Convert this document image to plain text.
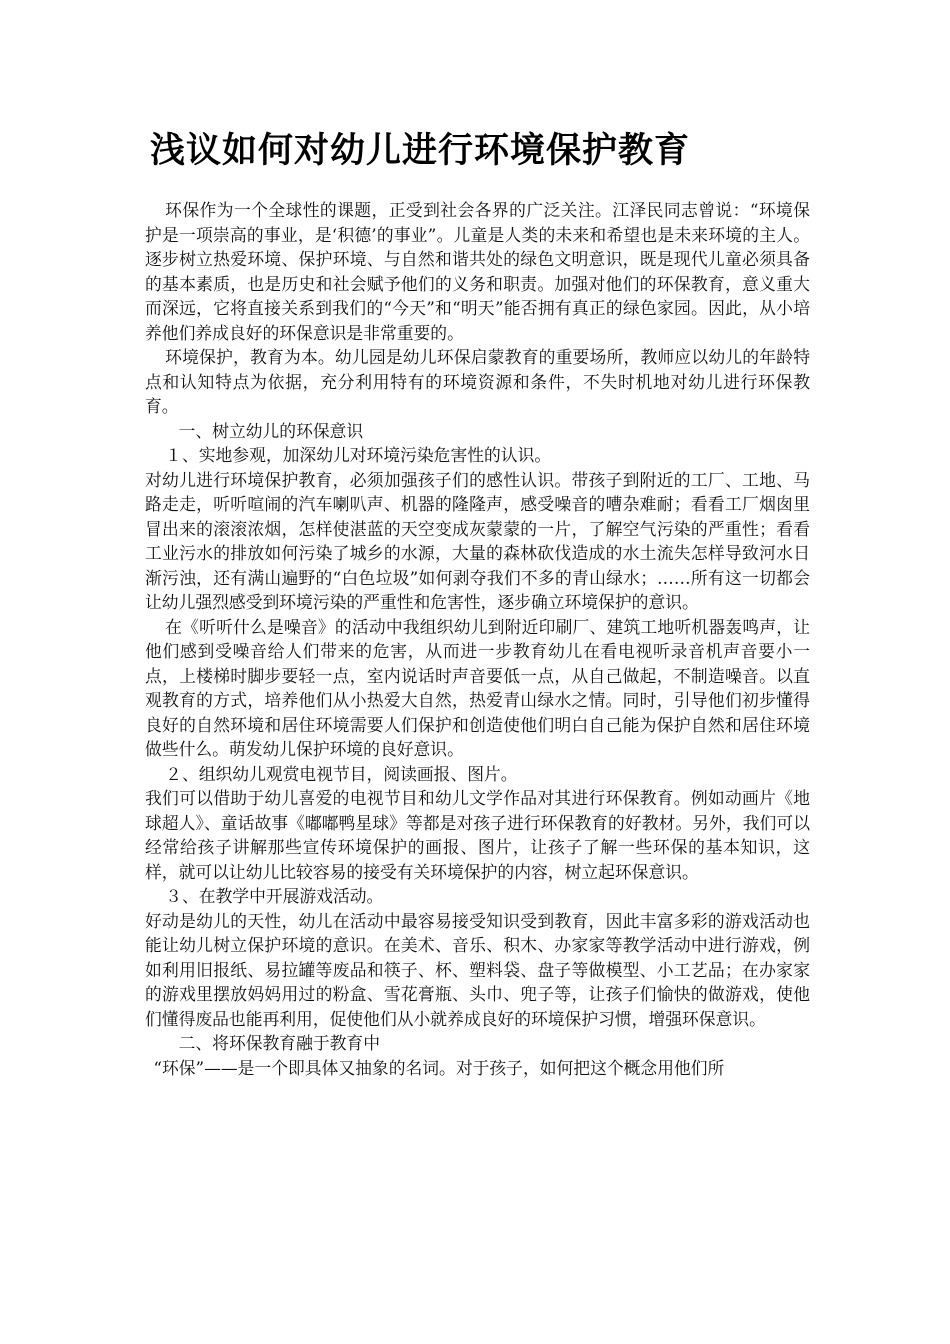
浅议如何对幼儿进行环境保护教育

环保作为一个全球性的课题，正受到社会各界的广泛关注。江泽民同志曾说：“环境保护是一项崇高的事业，是‘积德’的事业”。儿童是人类的未来和希望也是未来环境的主人。逐步树立热爱环境、保护环境、与自然和谐共处的绿色文明意识，既是现代儿童必须具备的基本素质，也是历史和社会赋予他们的义务和职责。加强对他们的环保教育，意义重大而深远，它将直接关系到我们的“今天”和“明天”能否拥有真正的绿色家园。因此，从小培养他们养成良好的环保意识是非常重要的。

环境保护，教育为本。幼儿园是幼儿环保启蒙教育的重要场所，教师应以幼儿的年龄特点和认知特点为依据，充分利用特有的环境资源和条件，不失时机地对幼儿进行环保教育。

一、树立幼儿的环保意识

１、实地参观，加深幼儿对环境污染危害性的认识。

对幼儿进行环境保护教育，必须加强孩子们的感性认识。带孩子到附近的工厂、工地、马路走走，听听喧闹的汽车喇叭声、机器的隆隆声，感受噪音的嘈杂难耐；看看工厂烟囱里冒出来的滚滚浓烟，怎样使湛蓝的天空变成灰蒙蒙的一片，了解空气污染的严重性；看看工业污水的排放如何污染了城乡的水源，大量的森林砍伐造成的水土流失怎样导致河水日渐污浊，还有满山遍野的“白色垃圾”如何剥夺我们不多的青山绿水；……所有这一切都会让幼儿强烈感受到环境污染的严重性和危害性，逐步确立环境保护的意识。

在《听听什么是噪音》的活动中我组织幼儿到附近印刷厂、建筑工地听机器轰鸣声，让他们感到受噪音给人们带来的危害，从而进一步教育幼儿在看电视听录音机声音要小一点，上楼梯时脚步要轻一点，室内说话时声音要低一点，从自己做起，不制造噪音。以直观教育的方式，培养他们从小热爱大自然，热爱青山绿水之情。同时，引导他们初步懂得良好的自然环境和居住环境需要人们保护和创造使他们明白自己能为保护自然和居住环境做些什么。萌发幼儿保护环境的良好意识。

２、组织幼儿观赏电视节目，阅读画报、图片。

我们可以借助于幼儿喜爱的电视节目和幼儿文学作品对其进行环保教育。例如动画片《地球超人》、童话故事《嘟嘟鸭星球》等都是对孩子进行环保教育的好教材。另外，我们可以经常给孩子讲解那些宣传环境保护的画报、图片，让孩子了解一些环保的基本知识，这样，就可以让幼儿比较容易的接受有关环境保护的内容，树立起环保意识。

３、在教学中开展游戏活动。

好动是幼儿的天性，幼儿在活动中最容易接受知识受到教育，因此丰富多彩的游戏活动也能让幼儿树立保护环境的意识。在美术、音乐、积木、办家家等教学活动中进行游戏，例如利用旧报纸、易拉罐等废品和筷子、杯、塑料袋、盘子等做模型、小工艺品；在办家家的游戏里摆放妈妈用过的粉盒、雪花膏瓶、头巾、兜子等，让孩子们愉快的做游戏，使他们懂得废品也能再利用，促使他们从小就养成良好的环境保护习惯，增强环保意识。

二、将环保教育融于教育中

“环保”——是一个即具体又抽象的名词。对于孩子，如何把这个概念用他们所
